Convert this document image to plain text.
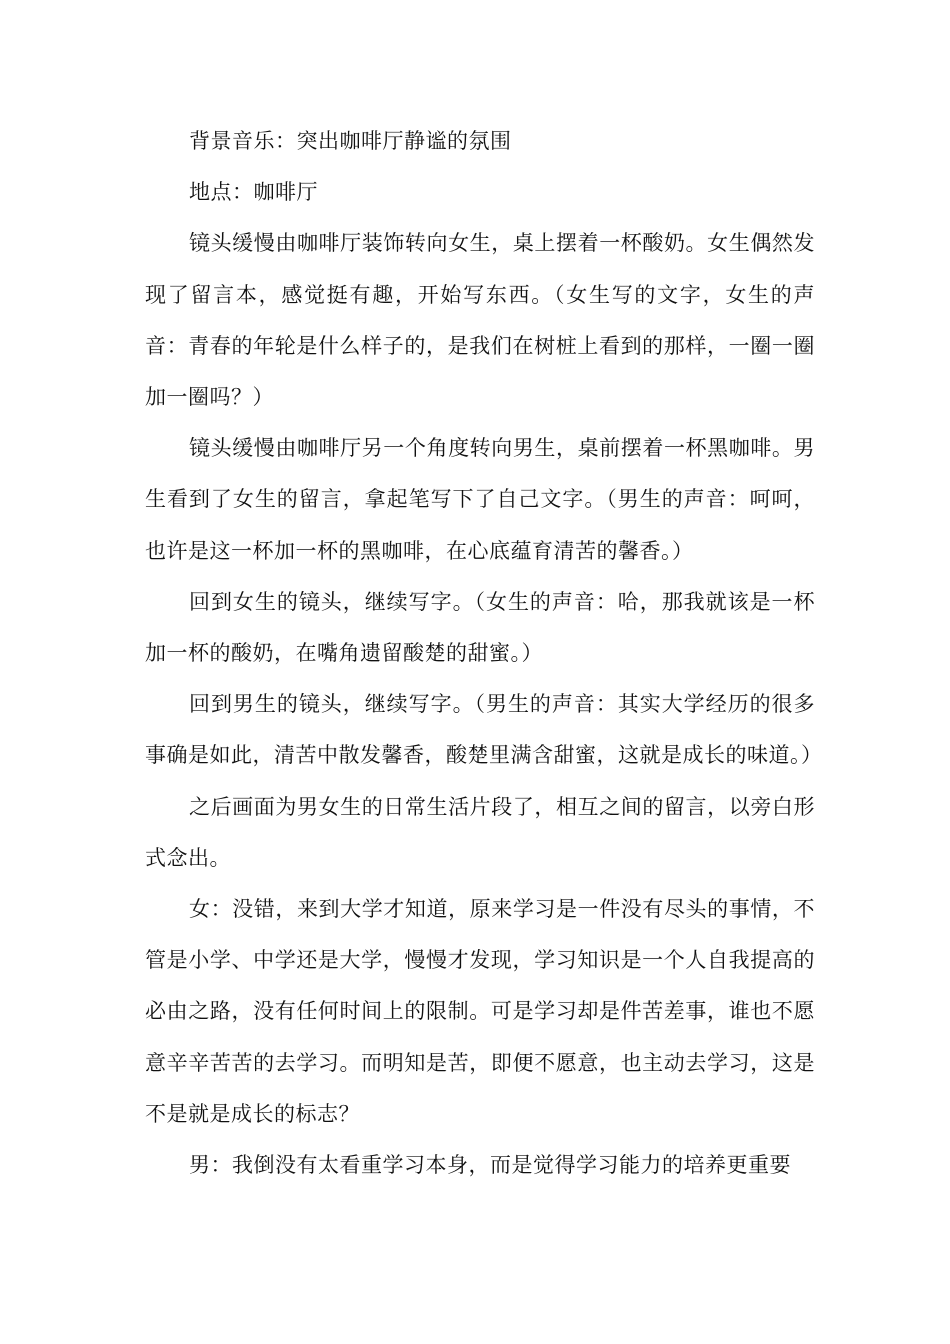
背景音乐：突出咖啡厅静谧的氛围

地点：咖啡厅

镜头缓慢由咖啡厅装饰转向女生，桌上摆着一杯酸奶。女生偶然发现了留言本，感觉挺有趣，开始写东西。（女生写的文字，女生的声音：青春的年轮是什么样子的，是我们在树桩上看到的那样，一圈一圈加一圈吗？）

镜头缓慢由咖啡厅另一个角度转向男生，桌前摆着一杯黑咖啡。男生看到了女生的留言，拿起笔写下了自己文字。（男生的声音：呵呵，也许是这一杯加一杯的黑咖啡，在心底蕴育清苦的馨香。）

回到女生的镜头，继续写字。（女生的声音：哈，那我就该是一杯加一杯的酸奶，在嘴角遗留酸楚的甜蜜。）

回到男生的镜头，继续写字。（男生的声音：其实大学经历的很多事确是如此，清苦中散发馨香，酸楚里满含甜蜜，这就是成长的味道。）

之后画面为男女生的日常生活片段了，相互之间的留言，以旁白形式念出。

女：没错，来到大学才知道，原来学习是一件没有尽头的事情，不管是小学、中学还是大学，慢慢才发现，学习知识是一个人自我提高的必由之路，没有任何时间上的限制。可是学习却是件苦差事，谁也不愿意辛辛苦苦的去学习。而明知是苦，即便不愿意，也主动去学习，这是不是就是成长的标志？

男：我倒没有太看重学习本身，而是觉得学习能力的培养更重要
